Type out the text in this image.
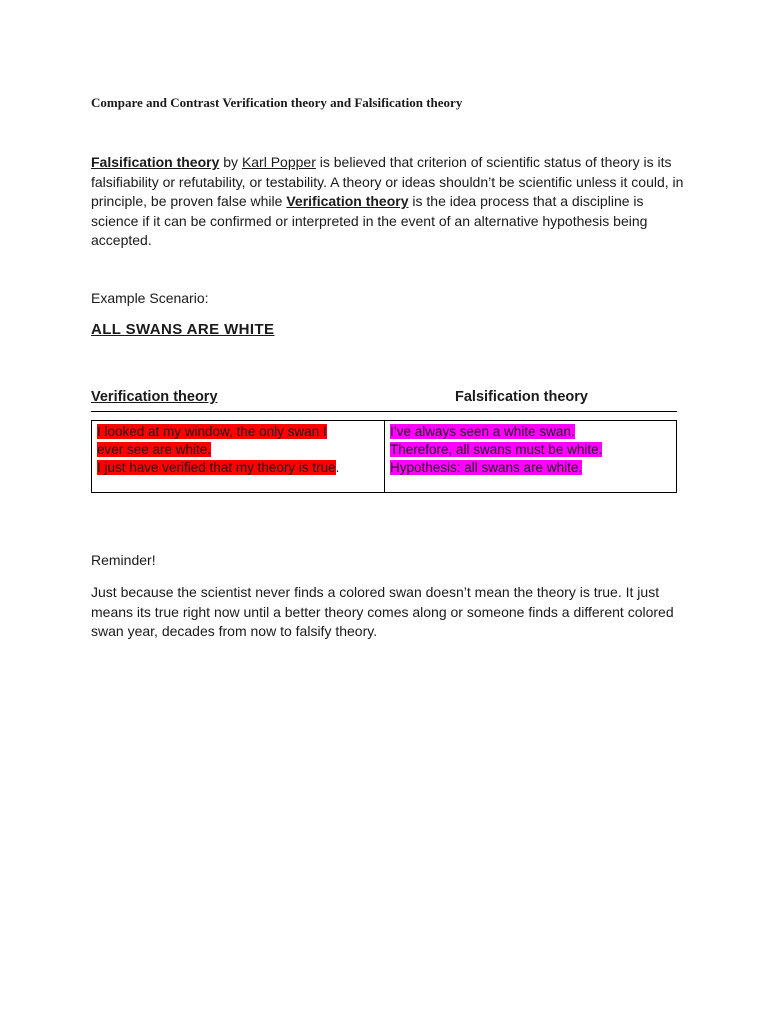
Compare and Contrast Verification theory and Falsification theory
Falsification theory by Karl Popper is believed that criterion of scientific status of theory is its falsifiability or refutability, or testability. A theory or ideas shouldn’t be scientific unless it could, in principle, be proven false while Verification theory is the idea process that a discipline is science if it can be confirmed or interpreted in the event of an alternative hypothesis being accepted.
Example Scenario:
ALL SWANS ARE WHITE
Verification theory	Falsification theory
I looked at my window, the only swan I
ever see are white.
I just have verified that my theory is true.
I’ve always seen a white swan.
Therefore, all swans must be white.
Hypothesis: all swans are white.
Reminder!
Just because the scientist never finds a colored swan doesn’t mean the theory is true. It just means its true right now until a better theory comes along or someone finds a different colored swan year, decades from now to falsify theory.
